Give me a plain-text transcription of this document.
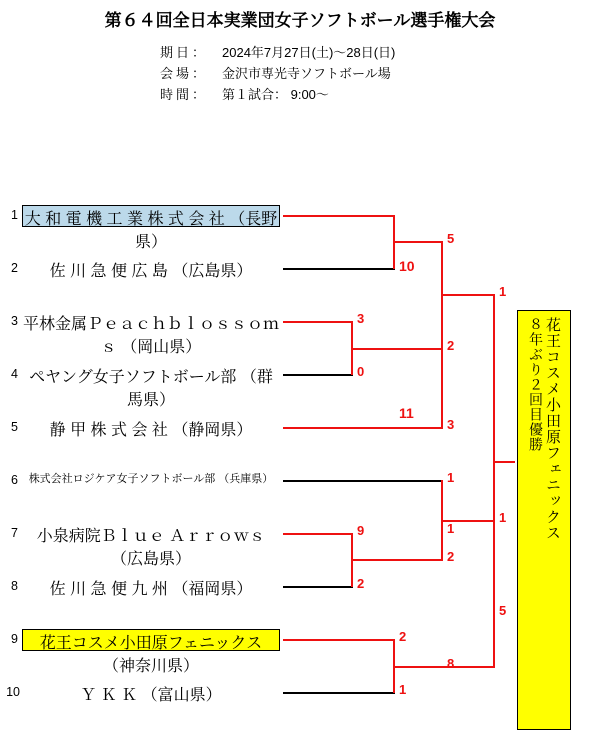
第６４回全日本実業団女子ソフトボール選手権大会
期日：	2024年7月27日(土)〜28日(日)
会場：	金沢市専光寺ソフトボール場
時間：	第１試合： 9:00〜
1 大 和 電 機 工 業 株 式 会 社 （長野県）
2	佐 川 急 便 広 島 （広島県）
3 平林金属Ｐｅａｃｈｂｌｏｓｓｏｍｓ （岡山県）
4 ペヤング女子ソフトボール部 （群馬県）
5	静 甲 株 式 会 社 （静岡県）
6 株式会社ロジケア女子ソフトボール部 （兵庫県）
7	小泉病院Ｂｌｕｅ Ａｒｒｏｗｓ （広島県）
8	佐 川 急 便 九 州 （福岡県）
9	花王コスメ小田原フェニックス （神奈川県）
10	Ｙ Ｋ Ｋ （富山県）
11
10
3
0
9
2
2
1
5
2
3
1
2
1
8
1
1
5
８年ぶり２回目優勝 花王コスメ小田原フェニックス
